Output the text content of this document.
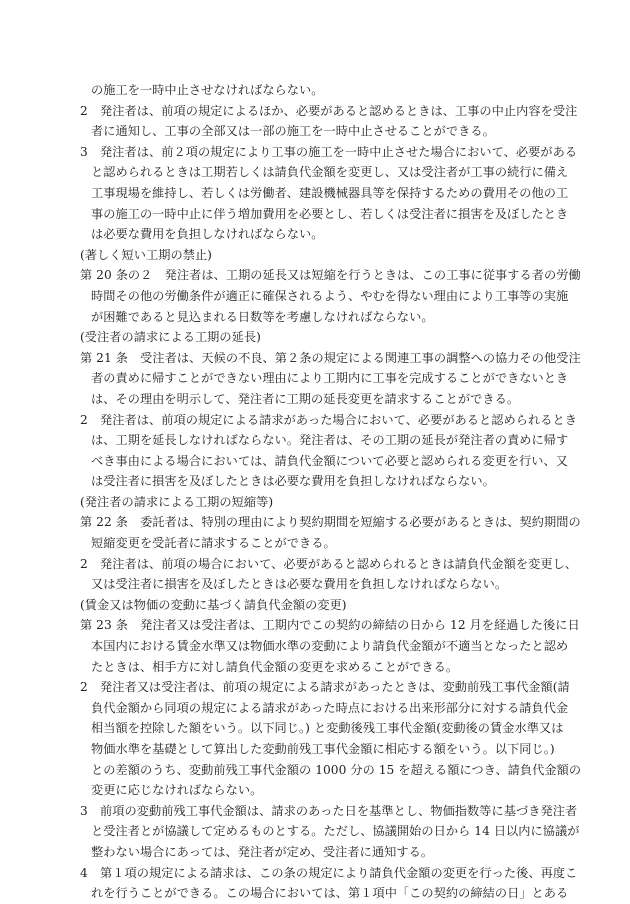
の施工を一時中止させなければならない。
2　発注者は、前項の規定によるほか、必要があると認めるときは、工事の中止内容を受注
者に通知し、工事の全部又は一部の施工を一時中止させることができる。
3　発注者は、前２項の規定により工事の施工を一時中止させた場合において、必要がある
と認められるときは工期若しくは請負代金額を変更し、又は受注者が工事の続行に備え
工事現場を維持し、若しくは労働者、建設機械器具等を保持するための費用その他の工
事の施工の一時中止に伴う増加費用を必要とし、若しくは受注者に損害を及ぼしたとき
は必要な費用を負担しなければならない。
(著しく短い工期の禁止)
第 20 条の２　発注者は、工期の延長又は短縮を行うときは、この工事に従事する者の労働
時間その他の労働条件が適正に確保されるよう、やむを得ない理由により工事等の実施
が困難であると見込まれる日数等を考慮しなければならない。
(受注者の請求による工期の延長)
第 21 条　受注者は、天候の不良、第２条の規定による関連工事の調整への協力その他受注
者の責めに帰すことができない理由により工期内に工事を完成することができないとき
は、その理由を明示して、発注者に工期の延長変更を請求することができる。
2　発注者は、前項の規定による請求があった場合において、必要があると認められるとき
は、工期を延長しなければならない。発注者は、その工期の延長が発注者の責めに帰す
べき事由による場合においては、請負代金額について必要と認められる変更を行い、又
は受注者に損害を及ぼしたときは必要な費用を負担しなければならない。
(発注者の請求による工期の短縮等)
第 22 条　委託者は、特別の理由により契約期間を短縮する必要があるときは、契約期間の
短縮変更を受託者に請求することができる。
2　発注者は、前項の場合において、必要があると認められるときは請負代金額を変更し、
又は受注者に損害を及ぼしたときは必要な費用を負担しなければならない。
(賃金又は物価の変動に基づく請負代金額の変更)
第 23 条　発注者又は受注者は、工期内でこの契約の締結の日から 12 月を経過した後に日
本国内における賃金水準又は物価水準の変動により請負代金額が不適当となったと認め
たときは、相手方に対し請負代金額の変更を求めることができる。
2　発注者又は受注者は、前項の規定による請求があったときは、変動前残工事代金額(請
負代金額から同項の規定による請求があった時点における出来形部分に対する請負代金
相当額を控除した額をいう。以下同じ。) と変動後残工事代金額(変動後の賃金水準又は
物価水準を基礎として算出した変動前残工事代金額に相応する額をいう。以下同じ。)
との差額のうち、変動前残工事代金額の 1000 分の 15 を超える額につき、請負代金額の
変更に応じなければならない。
3　前項の変動前残工事代金額は、請求のあった日を基準とし、物価指数等に基づき発注者
と受注者とが協議して定めるものとする。ただし、協議開始の日から 14 日以内に協議が
整わない場合にあっては、発注者が定め、受注者に通知する。
4　第１項の規定による請求は、この条の規定により請負代金額の変更を行った後、再度こ
れを行うことができる。この場合においては、第１項中「この契約の締結の日」とある
